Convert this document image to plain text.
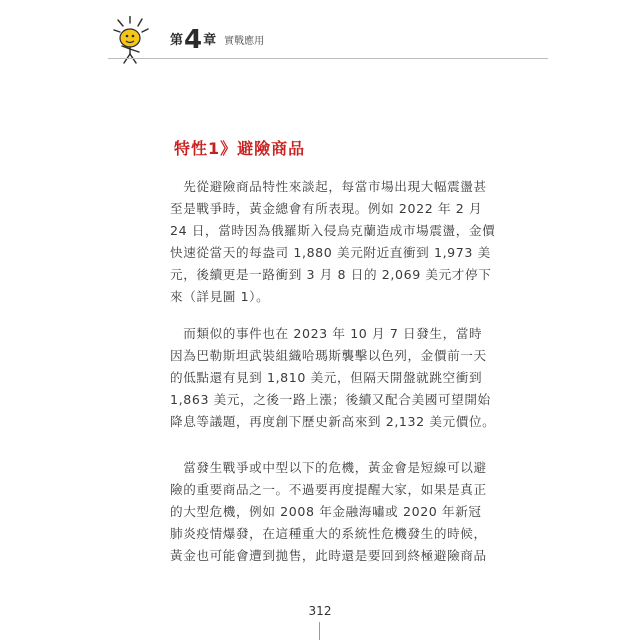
第 4 章 實戰應用
特性1》避險商品

　先從避險商品特性來談起，每當市場出現大幅震盪甚
至是戰爭時，黃金總會有所表現。例如 2022 年 2 月
24 日，當時因為俄羅斯入侵烏克蘭造成市場震盪，金價
快速從當天的每盎司 1,880 美元附近直衝到 1,973 美
元，後續更是一路衝到 3 月 8 日的 2,069 美元才停下
來（詳見圖 1）。

　而類似的事件也在 2023 年 10 月 7 日發生，當時
因為巴勒斯坦武裝組織哈瑪斯襲擊以色列，金價前一天
的低點還有見到 1,810 美元，但隔天開盤就跳空衝到
1,863 美元，之後一路上漲；後續又配合美國可望開始
降息等議題，再度創下歷史新高來到 2,132 美元價位。

　當發生戰爭或中型以下的危機，黃金會是短線可以避
險的重要商品之一。不過要再度提醒大家，如果是真正
的大型危機，例如 2008 年金融海嘯或 2020 年新冠
肺炎疫情爆發，在這種重大的系統性危機發生的時候，
黃金也可能會遭到拋售，此時還是要回到終極避險商品

312
